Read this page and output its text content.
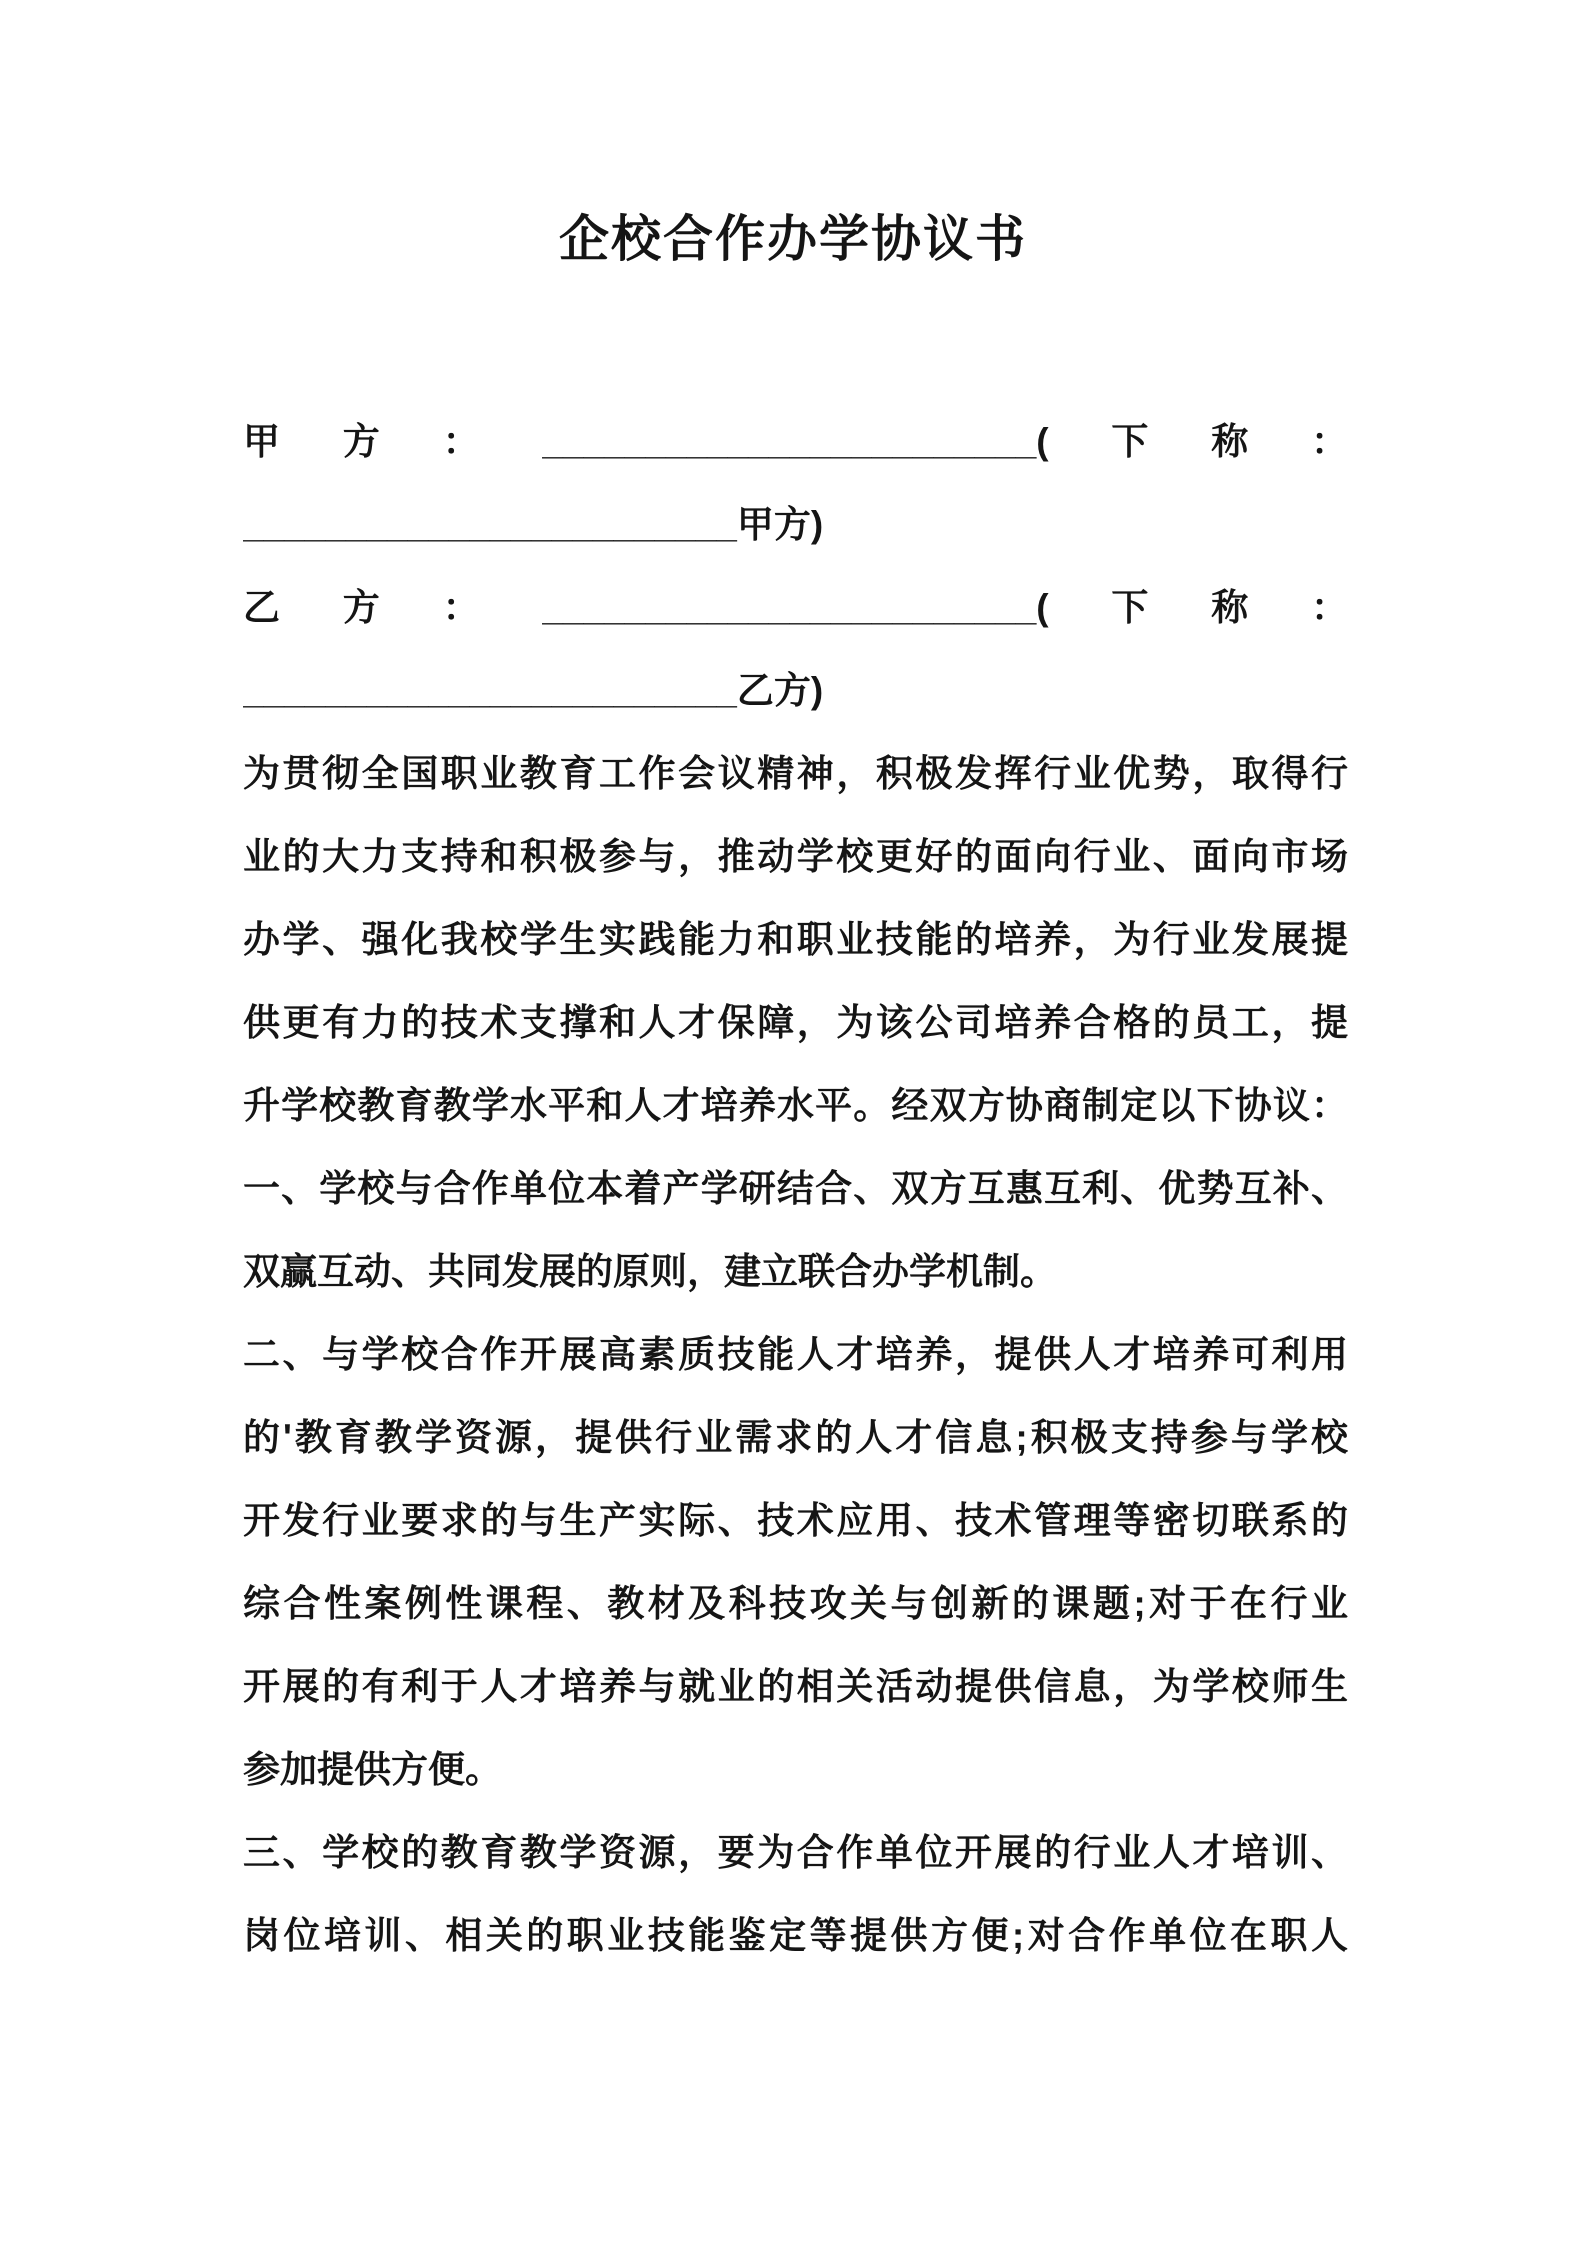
企校合作办学协议书
甲方：________________________(下称：
________________________甲方)
乙方：________________________(下称：
________________________乙方)
为贯彻全国职业教育工作会议精神，积极发挥行业优势，取得行
业的大力支持和积极参与，推动学校更好的面向行业、面向市场
办学、强化我校学生实践能力和职业技能的培养，为行业发展提
供更有力的技术支撑和人才保障，为该公司培养合格的员工，提
升学校教育教学水平和人才培养水平。经双方协商制定以下协议：
一、学校与合作单位本着产学研结合、双方互惠互利、优势互补、
双赢互动、共同发展的原则，建立联合办学机制。
二、与学校合作开展高素质技能人才培养，提供人才培养可利用
的'教育教学资源，提供行业需求的人才信息;积极支持参与学校
开发行业要求的与生产实际、技术应用、技术管理等密切联系的
综合性案例性课程、教材及科技攻关与创新的课题;对于在行业
开展的有利于人才培养与就业的相关活动提供信息，为学校师生
参加提供方便。
三、学校的教育教学资源，要为合作单位开展的行业人才培训、
岗位培训、相关的职业技能鉴定等提供方便;对合作单位在职人
